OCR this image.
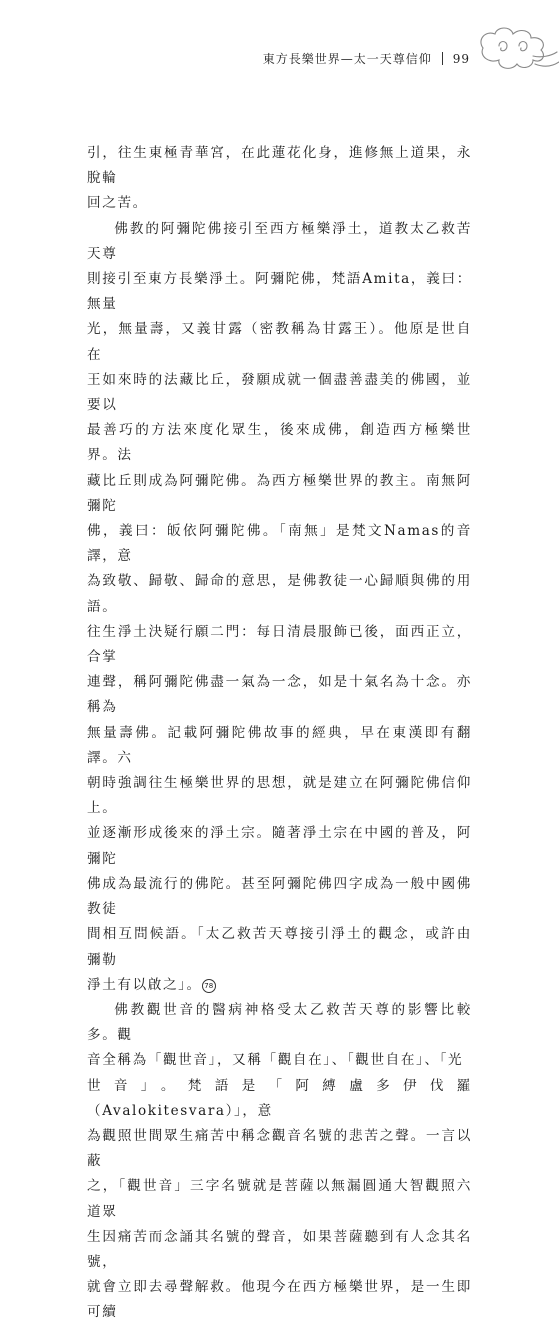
東方長樂世界—太一天尊信仰 99

引，往生東極青華宮，在此蓮花化身，進修無上道果，永脫輪
回之苦。

佛教的阿彌陀佛接引至西方極樂淨土，道教太乙救苦天尊
則接引至東方長樂淨土。阿彌陀佛，梵語Amita，義曰：無量
光，無量壽，又義甘露（密教稱為甘露王）。他原是世自在
王如來時的法藏比丘，發願成就一個盡善盡美的佛國，並要以
最善巧的方法來度化眾生，後來成佛，創造西方極樂世界。法
藏比丘則成為阿彌陀佛。為西方極樂世界的教主。南無阿彌陀
佛，義曰：皈依阿彌陀佛。「南無」是梵文Namas的音譯，意
為致敬、歸敬、歸命的意思，是佛教徒一心歸順與佛的用語。
往生淨土決疑行願二門：每日清晨服飾已後，面西正立，合掌
連聲，稱阿彌陀佛盡一氣為一念，如是十氣名為十念。亦稱為
無量壽佛。記載阿彌陀佛故事的經典，早在東漢即有翻譯。六
朝時強調往生極樂世界的思想，就是建立在阿彌陀佛信仰上。
並逐漸形成後來的淨土宗。隨著淨土宗在中國的普及，阿彌陀
佛成為最流行的佛陀。甚至阿彌陀佛四字成為一般中國佛教徒
間相互問候語。「太乙救苦天尊接引淨土的觀念，或許由彌勒
淨土有以啟之」。 78

佛教觀世音的醫病神格受太乙救苦天尊的影響比較多。觀
音全稱為「觀世音」，又稱「觀自在」、「觀世自在」、「光
世音」。梵語是「阿縛盧多伊伐羅（Avalokitesvara）」，意
為觀照世間眾生痛苦中稱念觀音名號的悲苦之聲。一言以蔽
之，「觀世音」三字名號就是菩薩以無漏圓通大智觀照六道眾
生因痛苦而念誦其名號的聲音，如果菩薩聽到有人念其名號，
就會立即去尋聲解救。他現今在西方極樂世界，是一生即可續
